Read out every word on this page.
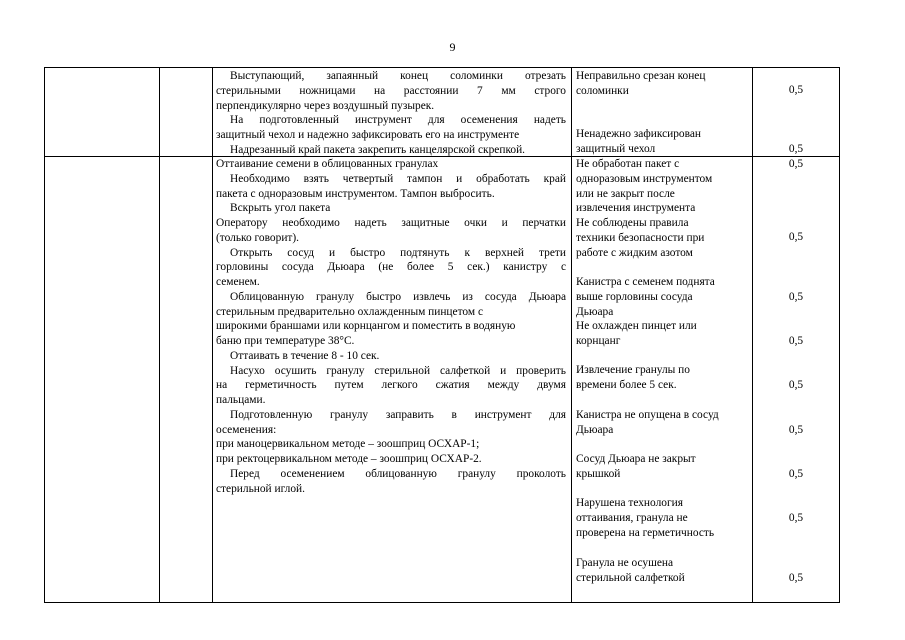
9

Выступающий, запаянный конец соломинки отрезать

стерильными ножницами на расстоянии 7 мм строго

перпендикулярно через воздушный пузырек.

На подготовленный инструмент для осеменения надеть

защитный чехол и надежно зафиксировать его на инструменте

Надрезанный край пакета закрепить канцелярской скрепкой.

Неправильно срезан конец

соломинки

Ненадежно зафиксирован

защитный чехол

0,5
0,5

Оттаивание семени в облицованных гранулах

Необходимо взять четвертый тампон и обработать край

пакета с одноразовым инструментом. Тампон выбросить.

Вскрыть угол пакета

Оператору необходимо надеть защитные очки и перчатки

(только говорит).

Открыть сосуд и быстро подтянуть к верхней трети

горловины сосуда Дьюара (не более 5 сек.) канистру с

семенем.

Облицованную гранулу быстро извлечь из сосуда Дьюара

стерильным предварительно охлажденным пинцетом с

широкими браншами или корнцангом и поместить в водяную

баню при температуре 38°С.

Оттаивать в течение 8 - 10 сек.

Насухо осушить гранулу стерильной салфеткой и проверить

на герметичность путем легкого сжатия между двумя

пальцами.

Подготовленную гранулу заправить в инструмент для

осеменения:

при маноцервикальном методе – зоошприц ОСХАР-1;

при ректоцервикальном методе – зоошприц ОСХАР-2.

Перед осеменением облицованную гранулу проколоть

стерильной иглой.

Не обработан пакет с

одноразовым инструментом

или не закрыт после

извлечения инструмента

Не соблюдены правила

техники безопасности при

работе с жидким азотом

Канистра с семенем поднята

выше горловины сосуда

Дьюара

Не охлажден пинцет или

корнцанг

Извлечение гранулы по

времени более 5 сек.

Канистра не опущена в сосуд

Дьюара

Сосуд Дьюара не закрыт

крышкой

Нарушена технология

оттаивания, гранула не

проверена на герметичность

Гранула не осушена

стерильной салфеткой

0,5
0,5
0,5
0,5
0,5
0,5
0,5
0,5
0,5
